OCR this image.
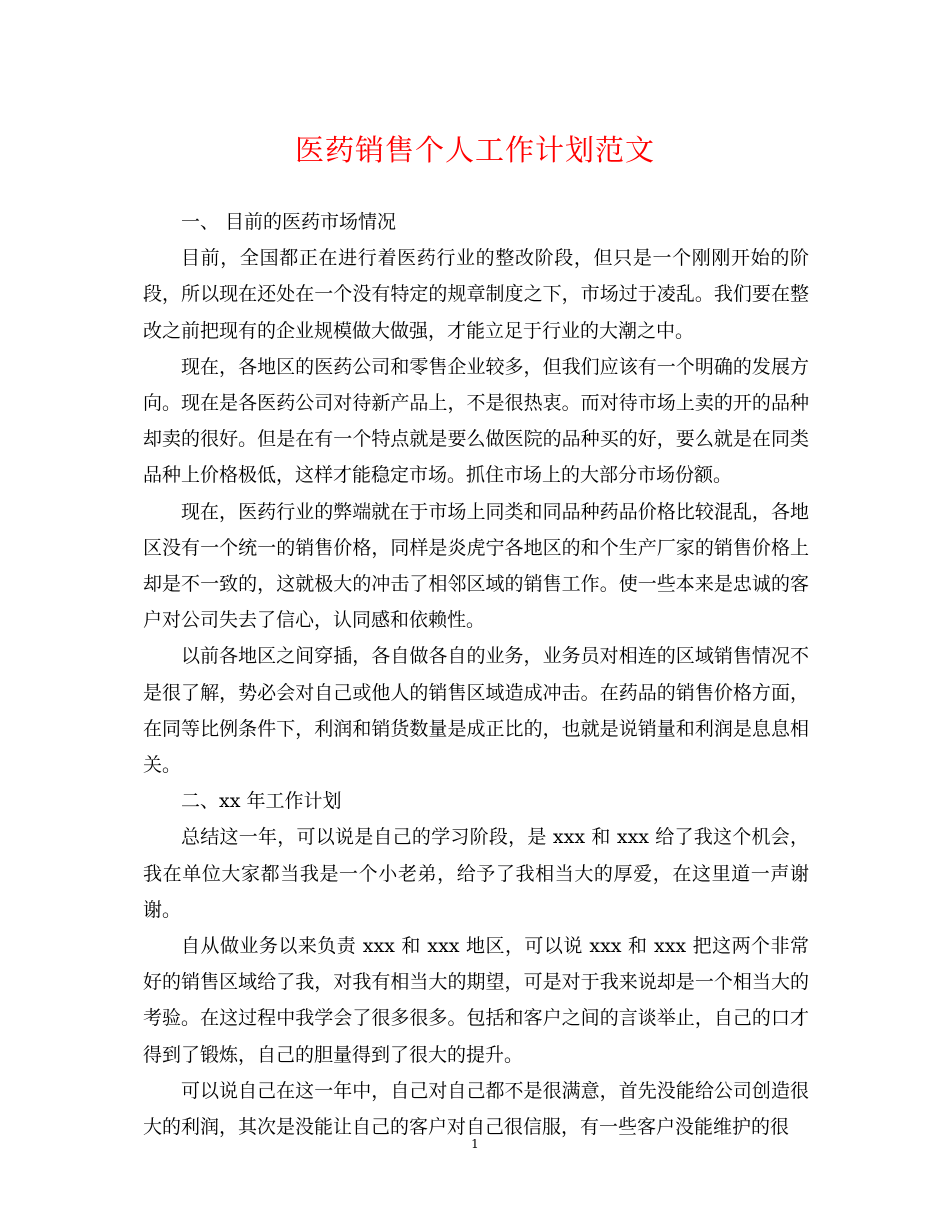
医药销售个人工作计划范文

一、 目前的医药市场情况

目前，全国都正在进行着医药行业的整改阶段，但只是一个刚刚开始的阶段，所以现在还处在一个没有特定的规章制度之下，市场过于凌乱。我们要在整改之前把现有的企业规模做大做强，才能立足于行业的大潮之中。

现在，各地区的医药公司和零售企业较多，但我们应该有一个明确的发展方向。现在是各医药公司对待新产品上，不是很热衷。而对待市场上卖的开的品种却卖的很好。但是在有一个特点就是要么做医院的品种买的好，要么就是在同类品种上价格极低，这样才能稳定市场。抓住市场上的大部分市场份额。

现在，医药行业的弊端就在于市场上同类和同品种药品价格比较混乱，各地区没有一个统一的销售价格，同样是炎虎宁各地区的和个生产厂家的销售价格上却是不一致的，这就极大的冲击了相邻区域的销售工作。使一些本来是忠诚的客户对公司失去了信心，认同感和依赖性。

以前各地区之间穿插，各自做各自的业务，业务员对相连的区域销售情况不是很了解，势必会对自己或他人的销售区域造成冲击。在药品的销售价格方面，在同等比例条件下，利润和销货数量是成正比的，也就是说销量和利润是息息相关。

二、xx 年工作计划

总结这一年，可以说是自己的学习阶段，是 xxx 和 xxx 给了我这个机会，我在单位大家都当我是一个小老弟，给予了我相当大的厚爱，在这里道一声谢谢。

自从做业务以来负责 xxx 和 xxx 地区，可以说 xxx 和 xxx 把这两个非常好的销售区域给了我，对我有相当大的期望，可是对于我来说却是一个相当大的考验。在这过程中我学会了很多很多。包括和客户之间的言谈举止，自己的口才得到了锻炼，自己的胆量得到了很大的提升。

可以说自己在这一年中，自己对自己都不是很满意，首先没能给公司创造很大的利润，其次是没能让自己的客户对自己很信服，有一些客户没能维护的很

1
